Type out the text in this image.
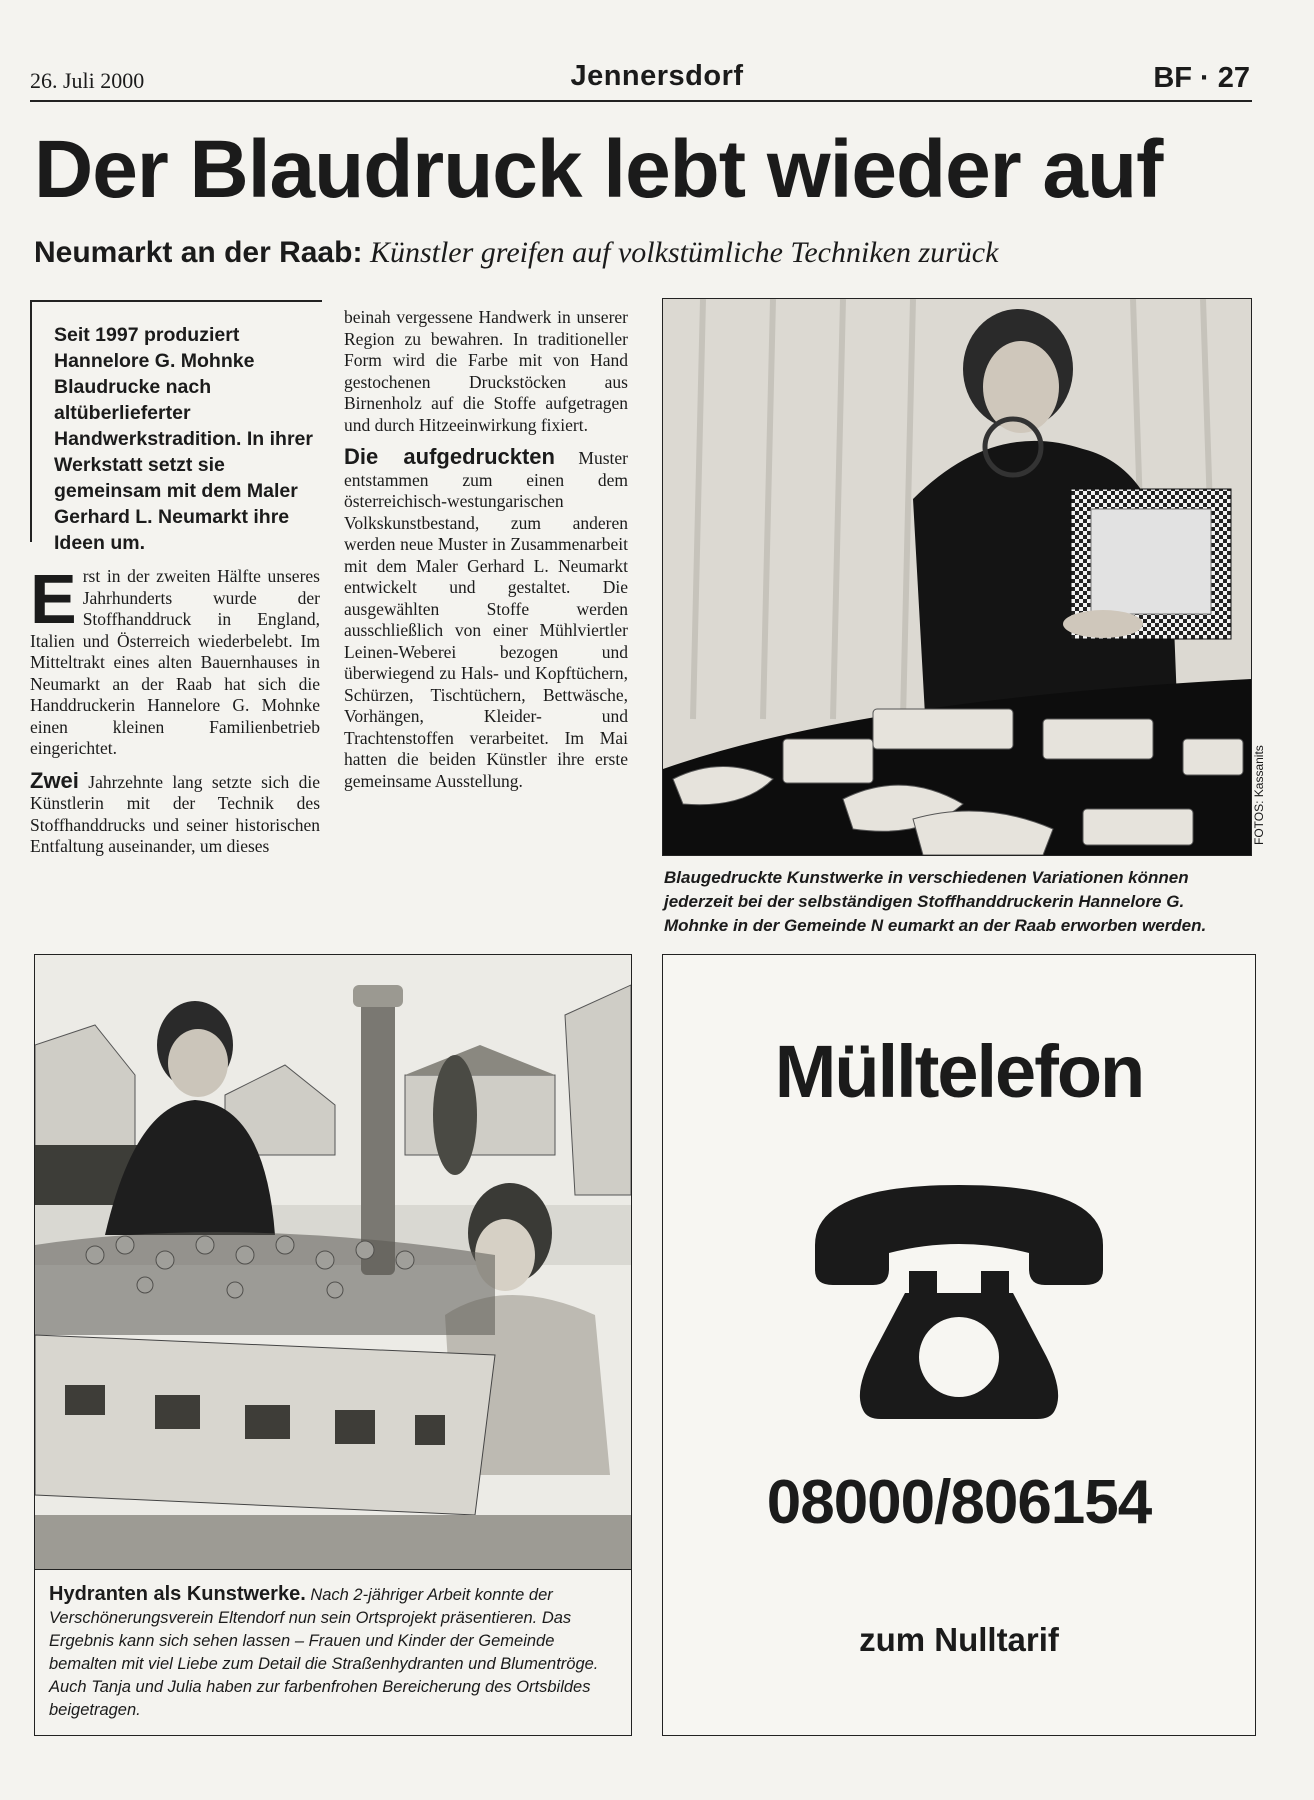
26. Juli 2000	Jennersdorf	BF · 27
Der Blaudruck lebt wieder auf
Neumarkt an der Raab: Künstler greifen auf volkstümliche Techniken zurück
Seit 1997 produziert Hannelore G. Mohnke Blaudrucke nach altüberlieferter Handwerkstradition. In ihrer Werkstatt setzt sie gemeinsam mit dem Maler Gerhard L. Neumarkt ihre Ideen um.
Erst in der zweiten Hälfte unseres Jahrhunderts wurde der Stoffhanddruck in England, Italien und Österreich wiederbelebt. Im Mitteltrakt eines alten Bauernhauses in Neumarkt an der Raab hat sich die Handdruckerin Hannelore G. Mohnke einen kleinen Familienbetrieb eingerichtet.
Zwei Jahrzehnte lang setzte sich die Künstlerin mit der Technik des Stoffhanddrucks und seiner historischen Entfaltung auseinander, um dieses
beinah vergessene Handwerk in unserer Region zu bewahren. In traditioneller Form wird die Farbe mit von Hand gestochenen Druckstöcken aus Birnenholz auf die Stoffe aufgetragen und durch Hitzeeinwirkung fixiert.
Die aufgedruckten Muster entstammen zum einen dem österreichisch-westungarischen Volkskunstbestand, zum anderen werden neue Muster in Zusammenarbeit mit dem Maler Gerhard L. Neumarkt entwickelt und gestaltet. Die ausgewählten Stoffe werden ausschließlich von einer Mühlviertler Leinen-Weberei bezogen und überwiegend zu Hals- und Kopftüchern, Schürzen, Tischtüchern, Bettwäsche, Vorhängen, Kleider- und Trachtenstoffen verarbeitet. Im Mai hatten die beiden Künstler ihre erste gemeinsame Ausstellung.	FOTOS: Kassanits
Blaugedruckte Kunstwerke in verschiedenen Variationen können jederzeit bei der selbständigen Stoffhanddruckerin Hannelore G. Mohnke in der Gemeinde N eumarkt an der Raab erworben werden.
Hydranten als Kunstwerke. Nach 2-jähriger Arbeit konnte der Verschönerungsverein Eltendorf nun sein Ortsprojekt präsentieren. Das Ergebnis kann sich sehen lassen – Frauen und Kinder der Gemeinde bemalten mit viel Liebe zum Detail die Straßenhydranten und Blumentröge. Auch Tanja und Julia haben zur farbenfrohen Bereicherung des Ortsbildes beigetragen.
Mülltelefon
08000/806154
zum Nulltarif
